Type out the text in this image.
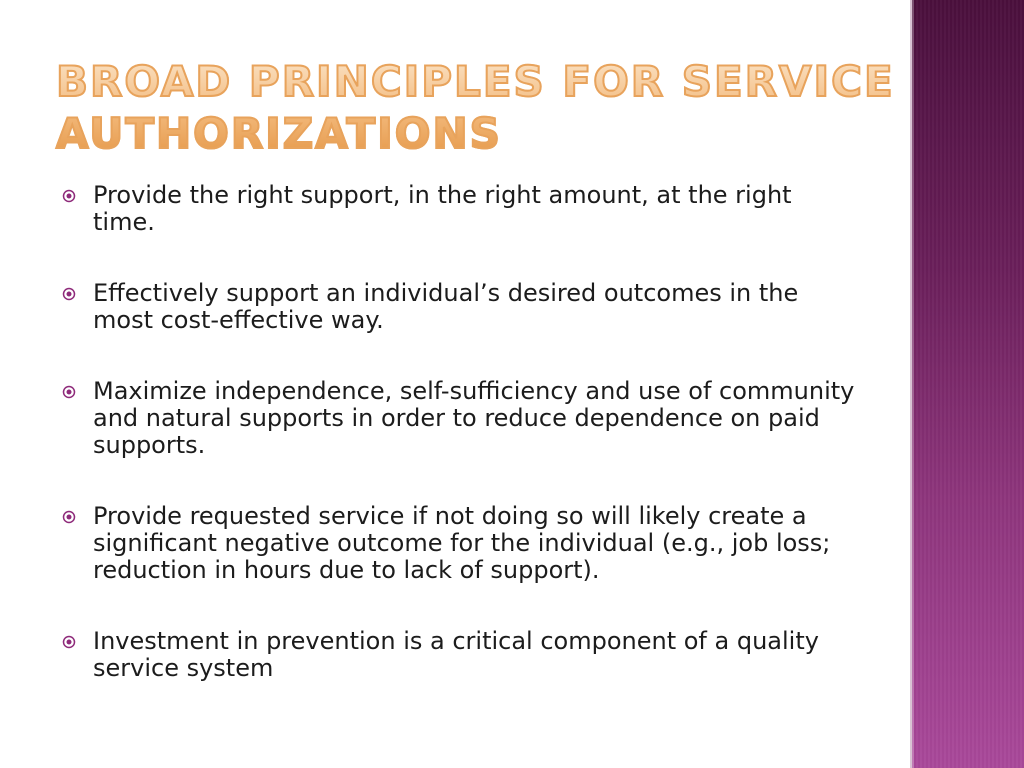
BROAD PRINCIPLES FOR SERVICE AUTHORIZATIONS
Provide the right support, in the right amount, at the right time.
Effectively support an individual’s desired outcomes in the most cost-effective way.
Maximize independence, self-sufficiency and use of community and natural supports in order to reduce dependence on paid supports.
Provide requested service if not doing so will likely create a significant negative outcome for the individual (e.g., job loss; reduction in hours due to lack of support).
Investment in prevention is a critical component of a quality service system
